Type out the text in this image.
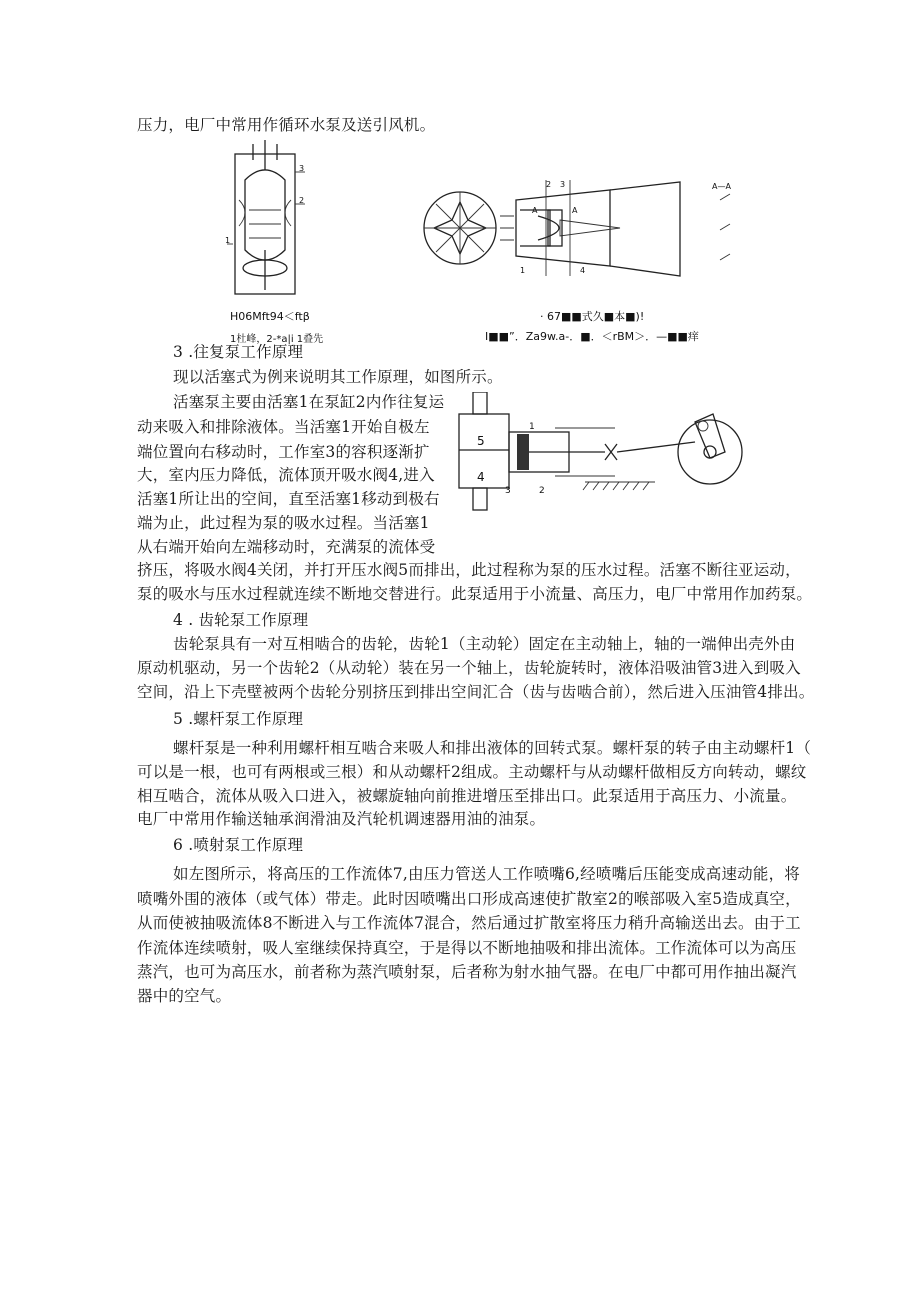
压力，电厂中常用作循环水泵及送引风机。
3
2
1
H06Mft94＜ftβ
1杜峰，2-*a|i 1叠先
1
2 3
4
A	A
A—A
· 67■■式久■本■)!
I■■”．Za9w.a-．■．＜rBM＞．—■■痒
3 .往复泵工作原理
现以活塞式为例来说明其工作原理，如图所示。
活塞泵主要由活塞1在泵缸2内作往复运
动来吸入和排除液体。当活塞1开始自极左
端位置向右移动时，工作室3的容积逐渐扩
大，室内压力降低，流体顶开吸水阀4,进入
活塞1所让出的空间，直至活塞1移动到极右
端为止，此过程为泵的吸水过程。当活塞1
从右端开始向左端移动时，充满泵的流体受
挤压，将吸水阀4关闭，并打开压水阀5而排出，此过程称为泵的压水过程。活塞不断往亚运动，
泵的吸水与压水过程就连续不断地交替进行。此泵适用于小流量、高压力，电厂中常用作加药泵。
5
4
1
3	2
4 . 齿轮泵工作原理
齿轮泵具有一对互相啮合的齿轮，齿轮1（主动轮）固定在主动轴上，轴的一端伸出壳外由
原动机驱动，另一个齿轮2（从动轮）装在另一个轴上，齿轮旋转时，液体沿吸油管3进入到吸入
空间，沿上下壳壁被两个齿轮分别挤压到排出空间汇合（齿与齿啮合前），然后进入压油管4排出。
5 .螺杆泵工作原理
螺杆泵是一种利用螺杆相互啮合来吸人和排出液体的回转式泵。螺杆泵的转子由主动螺杆1（
可以是一根，也可有两根或三根）和从动螺杆2组成。主动螺杆与从动螺杆做相反方向转动，螺纹
相互啮合，流体从吸入口进入，被螺旋轴向前推进增压至排出口。此泵适用于高压力、小流量。
电厂中常用作输送轴承润滑油及汽轮机调速器用油的油泵。
6 .喷射泵工作原理
如左图所示，将高压的工作流体7,由压力管送人工作喷嘴6,经喷嘴后压能变成高速动能，将
喷嘴外围的液体（或气体）带走。此时因喷嘴出口形成高速使扩散室2的喉部吸入室5造成真空，
从而使被抽吸流体8不断进入与工作流体7混合，然后通过扩散室将压力稍升高输送出去。由于工
作流体连续喷射，吸人室继续保持真空，于是得以不断地抽吸和排出流体。工作流体可以为高压
蒸汽，也可为高压水，前者称为蒸汽喷射泵，后者称为射水抽气器。在电厂中都可用作抽出凝汽
器中的空气。
